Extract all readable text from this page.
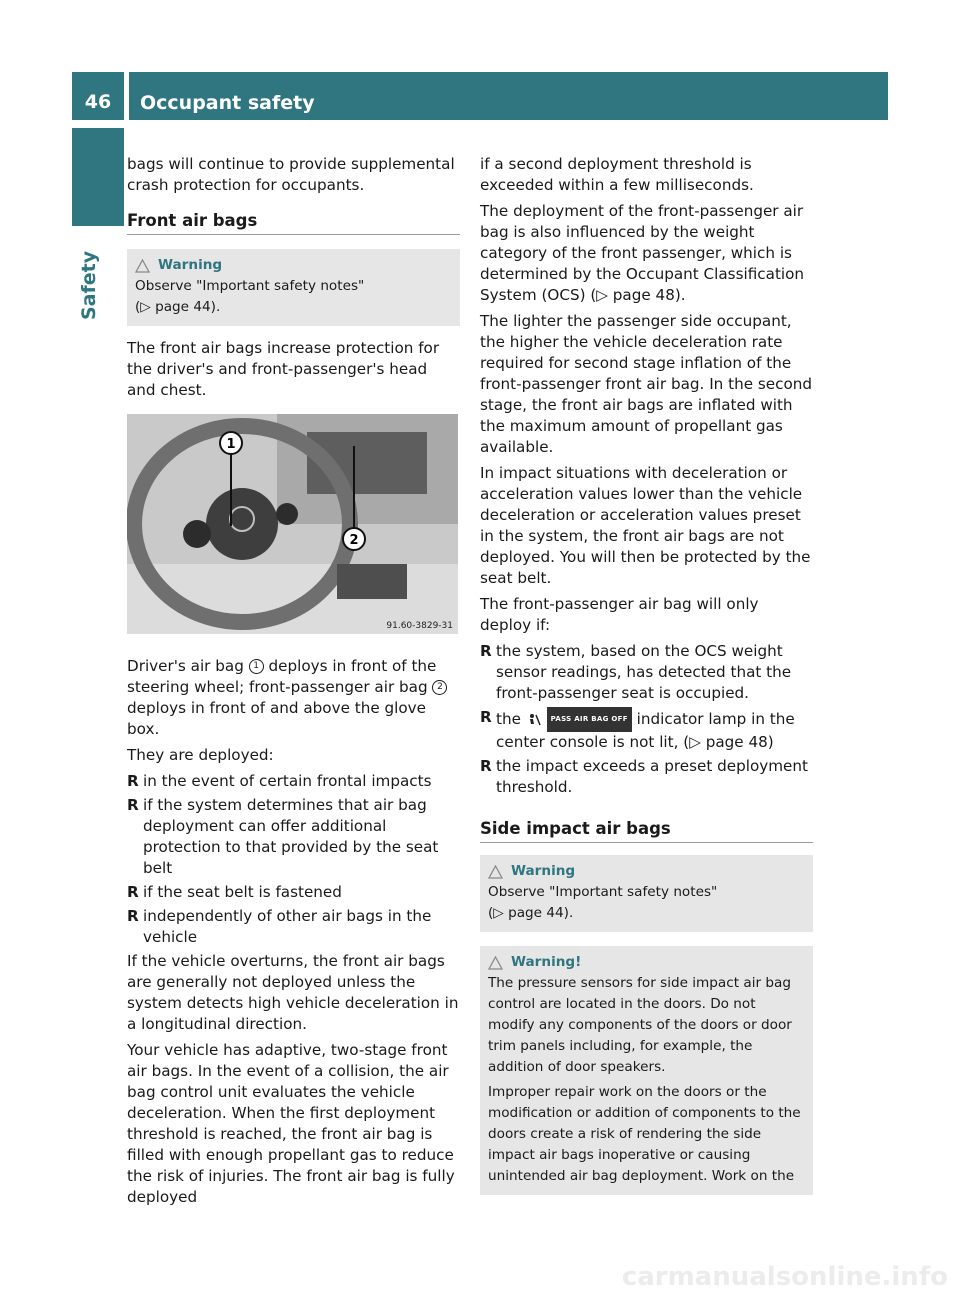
46	Occupant safety
Safety

bags will continue to provide supplemental crash protection for occupants.

Front air bags
Warning

Observe "Important safety notes"

(▷ page 44).

The front air bags increase protection for the driver's and front-passenger's head and chest.

1
2
91.60-3829-31

Driver's air bag 1 deploys in front of the steering wheel; front-passenger air bag 2 deploys in front of and above the glove box.

They are deployed:

R in the event of certain frontal impacts
R if the system determines that air bag deployment can offer additional protection to that provided by the seat belt
R if the seat belt is fastened
R independently of other air bags in the vehicle

If the vehicle overturns, the front air bags are generally not deployed unless the system detects high vehicle deceleration in a longitudinal direction.

Your vehicle has adaptive, two-stage front air bags. In the event of a collision, the air bag control unit evaluates the vehicle deceleration. When the first deployment threshold is reached, the front air bag is filled with enough propellant gas to reduce the risk of injuries. The front air bag is fully deployed

if a second deployment threshold is exceeded within a few milliseconds.

The deployment of the front-passenger air bag is also influenced by the weight category of the front passenger, which is determined by the Occupant Classification System (OCS) (▷ page 48).

The lighter the passenger side occupant, the higher the vehicle deceleration rate required for second stage inflation of the front-passenger front air bag. In the second stage, the front air bags are inflated with the maximum amount of propellant gas available.

In impact situations with deceleration or acceleration values lower than the vehicle deceleration or acceleration values preset in the system, the front air bags are not deployed. You will then be protected by the seat belt.

The front-passenger air bag will only deploy if:

R the system, based on the OCS weight sensor readings, has detected that the front-passenger seat is occupied.
R the	PASS AIR BAG OFF indicator lamp in the center console is not lit, (▷ page 48)
R the impact exceeds a preset deployment threshold.
Side impact air bags
Warning

Observe "Important safety notes"

(▷ page 44).

Warning!

The pressure sensors for side impact air bag control are located in the doors. Do not modify any components of the doors or door trim panels including, for example, the addition of door speakers.

Improper repair work on the doors or the modification or addition of components to the doors create a risk of rendering the side impact air bags inoperative or causing unintended air bag deployment. Work on the

carmanualsonline.info
